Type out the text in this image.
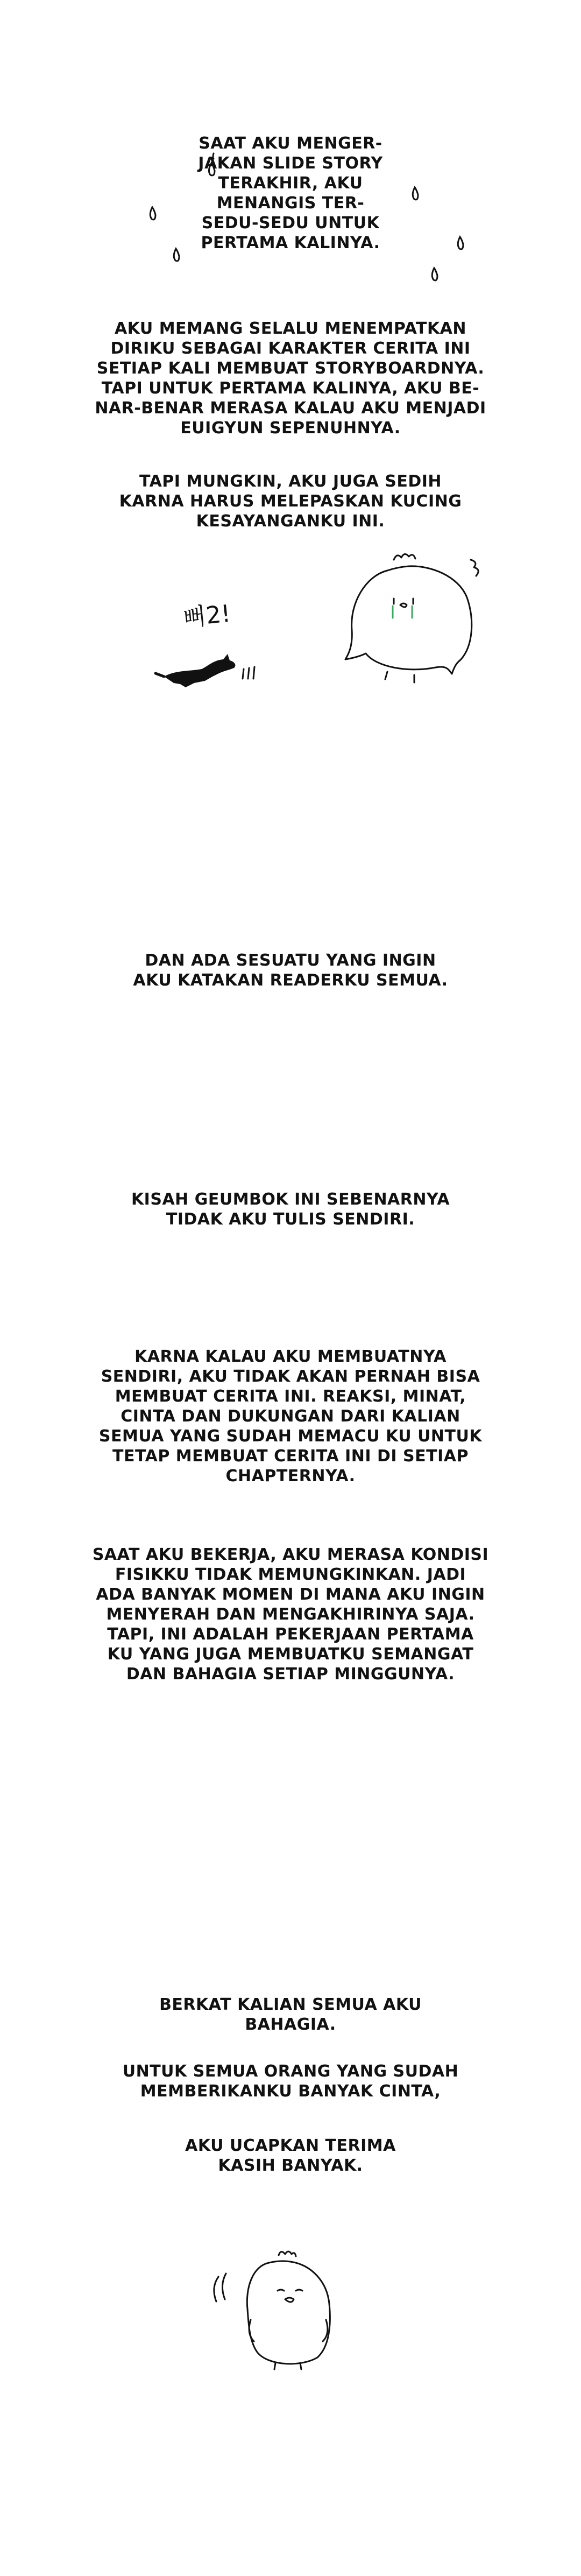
SAAT AKU MENGER-
JAKAN SLIDE STORY
TERAKHIR, AKU
MENANGIS TER-
SEDU-SEDU UNTUK
PERTAMA KALINYA.
AKU MEMANG SELALU MENEMPATKAN
DIRIKU SEBAGAI KARAKTER CERITA INI
SETIAP KALI MEMBUAT STORYBOARDNYA.
TAPI UNTUK PERTAMA KALINYA, AKU BE-
NAR-BENAR MERASA KALAU AKU MENJADI
EUIGYUN SEPENUHNYA.
TAPI MUNGKIN, AKU JUGA SEDIH
KARNA HARUS MELEPASKAN KUCING
KESAYANGANKU INI.
뻐2!
DAN ADA SESUATU YANG INGIN
AKU KATAKAN READERKU SEMUA.
KISAH GEUMBOK INI SEBENARNYA
TIDAK AKU TULIS SENDIRI.
KARNA KALAU AKU MEMBUATNYA
SENDIRI, AKU TIDAK AKAN PERNAH BISA
MEMBUAT CERITA INI. REAKSI, MINAT,
CINTA DAN DUKUNGAN DARI KALIAN
SEMUA YANG SUDAH MEMACU KU UNTUK
TETAP MEMBUAT CERITA INI DI SETIAP
CHAPTERNYA.
SAAT AKU BEKERJA, AKU MERASA KONDISI
FISIKKU TIDAK MEMUNGKINKAN. JADI
ADA BANYAK MOMEN DI MANA AKU INGIN
MENYERAH DAN MENGAKHIRINYA SAJA.
TAPI, INI ADALAH PEKERJAAN PERTAMA
KU YANG JUGA MEMBUATKU SEMANGAT
DAN BAHAGIA SETIAP MINGGUNYA.
BERKAT KALIAN SEMUA AKU
BAHAGIA.
UNTUK SEMUA ORANG YANG SUDAH
MEMBERIKANKU BANYAK CINTA,
AKU UCAPKAN TERIMA
KASIH BANYAK.
